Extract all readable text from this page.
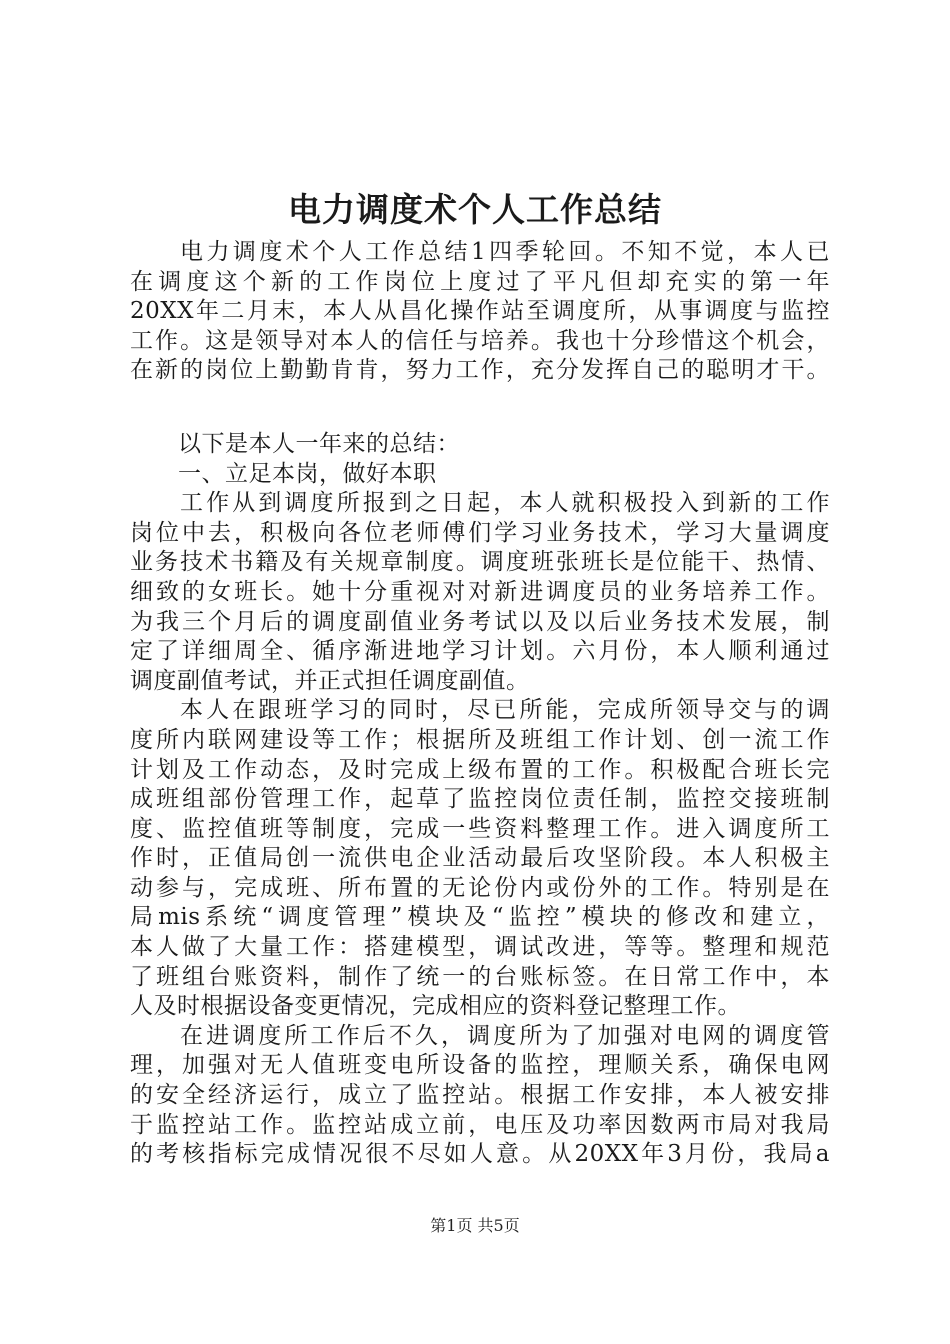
电力调度术个人工作总结
电力调度术个人工作总结1四季轮回。不知不觉，本人已
在调度这个新的工作岗位上度过了平凡但却充实的第一年
20XX年二月末，本人从昌化操作站至调度所，从事调度与监控
工作。这是领导对本人的信任与培养。我也十分珍惜这个机会，
在新的岗位上勤勤肯肯，努力工作，充分发挥自己的聪明才干。
以下是本人一年来的总结：
一、立足本岗，做好本职
工作从到调度所报到之日起，本人就积极投入到新的工作
岗位中去，积极向各位老师傅们学习业务技术，学习大量调度
业务技术书籍及有关规章制度。调度班张班长是位能干、热情、
细致的女班长。她十分重视对对新进调度员的业务培养工作。
为我三个月后的调度副值业务考试以及以后业务技术发展，制
定了详细周全、循序渐进地学习计划。六月份，本人顺利通过
调度副值考试，并正式担任调度副值。
本人在跟班学习的同时，尽已所能，完成所领导交与的调
度所内联网建设等工作；根据所及班组工作计划、创一流工作
计划及工作动态，及时完成上级布置的工作。积极配合班长完
成班组部份管理工作，起草了监控岗位责任制，监控交接班制
度、监控值班等制度，完成一些资料整理工作。进入调度所工
作时，正值局创一流供电企业活动最后攻坚阶段。本人积极主
动参与，完成班、所布置的无论份内或份外的工作。特别是在
局mis系统“调度管理”模块及“监控”模块的修改和建立，
本人做了大量工作：搭建模型，调试改进，等等。整理和规范
了班组台账资料，制作了统一的台账标签。在日常工作中，本
人及时根据设备变更情况，完成相应的资料登记整理工作。
在进调度所工作后不久，调度所为了加强对电网的调度管
理，加强对无人值班变电所设备的监控，理顺关系，确保电网
的安全经济运行，成立了监控站。根据工作安排，本人被安排
于监控站工作。监控站成立前，电压及功率因数两市局对我局
的考核指标完成情况很不尽如人意。从20XX年3月份，我局a
第1页 共5页
